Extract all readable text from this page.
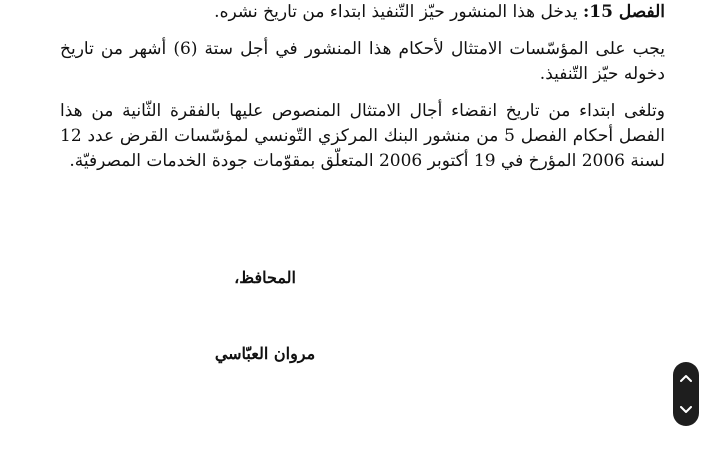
الفصل 15: يدخل هذا المنشور حيّز التّنفيذ ابتداء من تاريخ نشره.

يجب على المؤسّسات الامتثال لأحكام هذا المنشور في أجل ستة (6) أشهر من تاريخ دخوله حيّز التّنفيذ.

وتلغى ابتداء من تاريخ انقضاء أجال الامتثال المنصوص عليها بالفقرة الثّانية من هذا الفصل أحكام الفصل 5 من منشور البنك المركزي التّونسي لمؤسّسات القرض عدد 12 لسنة 2006 المؤرخ في 19 أكتوبر 2006 المتعلّق بمقوّمات جودة الخدمات المصرفيّة.

المحافظ،
مروان العبّاسي
